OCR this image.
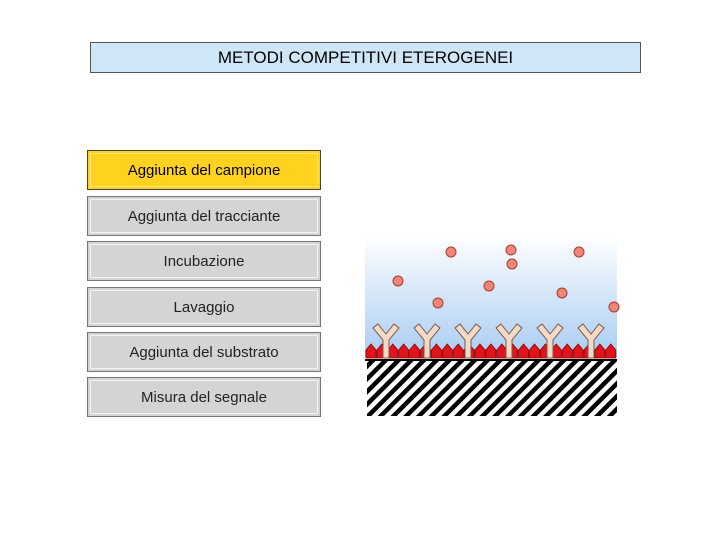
METODI COMPETITIVI ETEROGENEI
Aggiunta del campione
Aggiunta del tracciante
Incubazione
Lavaggio
Aggiunta del substrato
Misura del segnale
